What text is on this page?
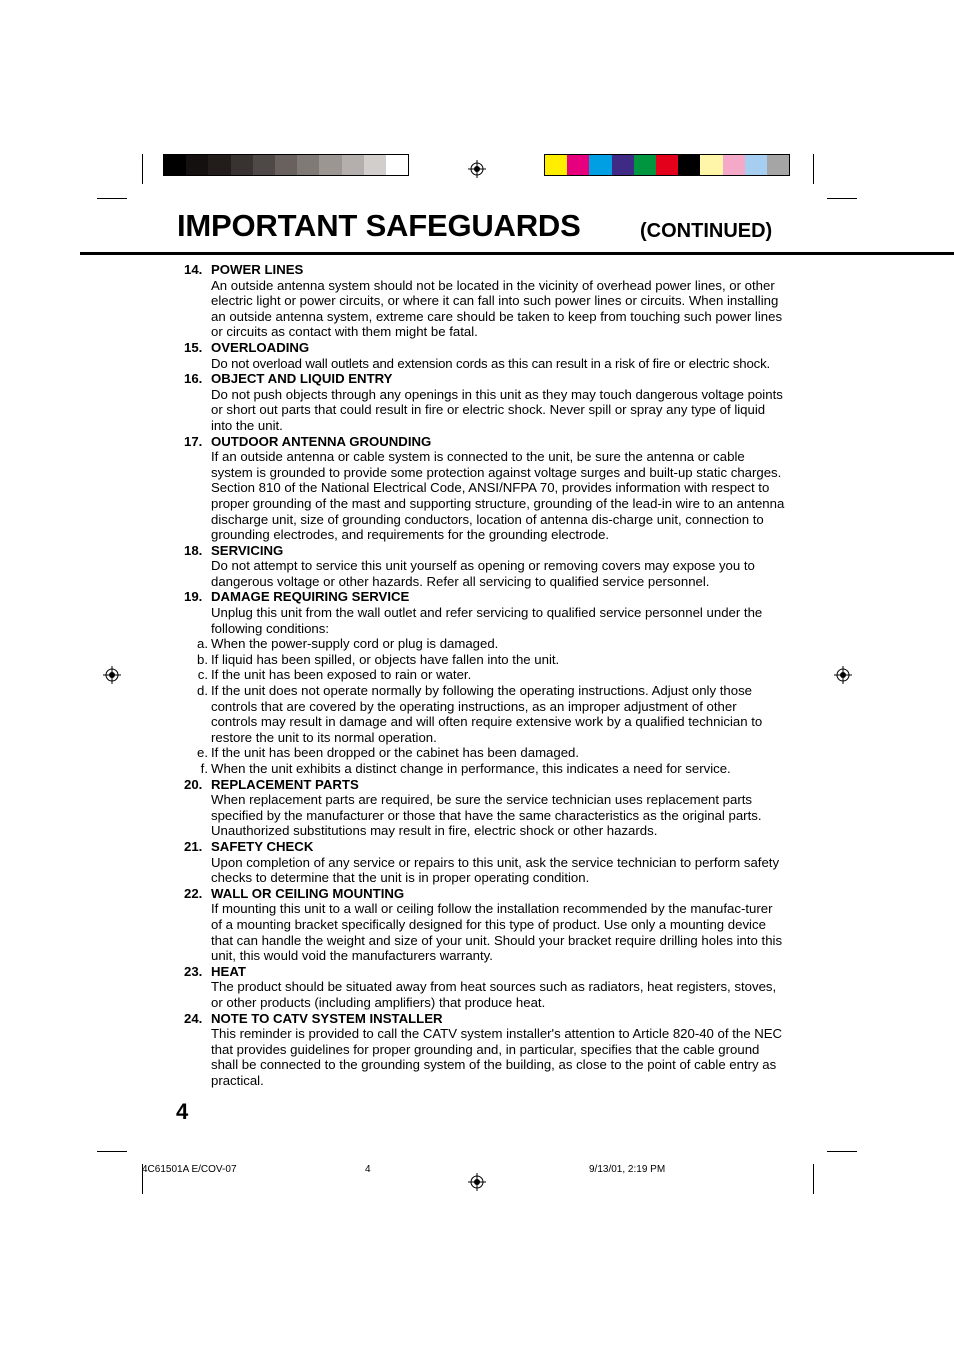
IMPORTANT SAFEGUARDS	(CONTINUED)
14. POWER LINES
An outside antenna system should not be located in the vicinity of overhead power lines, or other electric light or power circuits, or where it can fall into such power lines or circuits. When installing an outside antenna system, extreme care should be taken to keep from touching such power lines or circuits as contact with them might be fatal.
15. OVERLOADING
Do not overload wall outlets and extension cords as this can result in a risk of fire or electric shock.
16. OBJECT AND LIQUID ENTRY
Do not push objects through any openings in this unit as they may touch dangerous voltage points or short out parts that could result in fire or electric shock. Never spill or spray any type of liquid into the unit.
17. OUTDOOR ANTENNA GROUNDING
If an outside antenna or cable system is connected to the unit, be sure the antenna or cable system is grounded to provide some protection against voltage surges and built-up static charges. Section 810 of the National Electrical Code, ANSI/NFPA 70, provides information with respect to proper grounding of the mast and supporting structure, grounding of the lead-in wire to an antenna discharge unit, size of grounding conductors, location of antenna dis-charge unit, connection to grounding electrodes, and requirements for the grounding electrode.
18. SERVICING
Do not attempt to service this unit yourself as opening or removing covers may expose you to dangerous voltage or other hazards. Refer all servicing to qualified service personnel.
19. DAMAGE REQUIRING SERVICE
Unplug this unit from the wall outlet and refer servicing to qualified service personnel under the following conditions:
a. When the power-supply cord or plug is damaged.
b. If liquid has been spilled, or objects have fallen into the unit.
c. If the unit has been exposed to rain or water.
d. If the unit does not operate normally by following the operating instructions. Adjust only those controls that are covered by the operating instructions, as an improper adjustment of other controls may result in damage and will often require extensive work by a qualified technician to restore the unit to its normal operation.
e. If the unit has been dropped or the cabinet has been damaged.
f. When the unit exhibits a distinct change in performance, this indicates a need for service.
20. REPLACEMENT PARTS
When replacement parts are required, be sure the service technician uses replacement parts specified by the manufacturer or those that have the same characteristics as the original parts. Unauthorized substitutions may result in fire, electric shock or other hazards.
21. SAFETY CHECK
Upon completion of any service or repairs to this unit, ask the service technician to perform safety checks to determine that the unit is in proper operating condition.
22. WALL OR CEILING MOUNTING
If mounting this unit to a wall or ceiling follow the installation recommended by the manufac-turer of a mounting bracket specifically designed for this type of product. Use only a mounting device that can handle the weight and size of your unit. Should your bracket require drilling holes into this unit, this would void the manufacturers warranty.
23. HEAT
The product should be situated away from heat sources such as radiators, heat registers, stoves, or other products (including amplifiers) that produce heat.
24. NOTE TO CATV SYSTEM INSTALLER
This reminder is provided to call the CATV system installer's attention to Article 820-40 of the NEC that provides guidelines for proper grounding and, in particular, specifies that the cable ground shall be connected to the grounding system of the building, as close to the point of cable entry as practical.
4
4C61501A E/COV-07	4	9/13/01, 2:19 PM
